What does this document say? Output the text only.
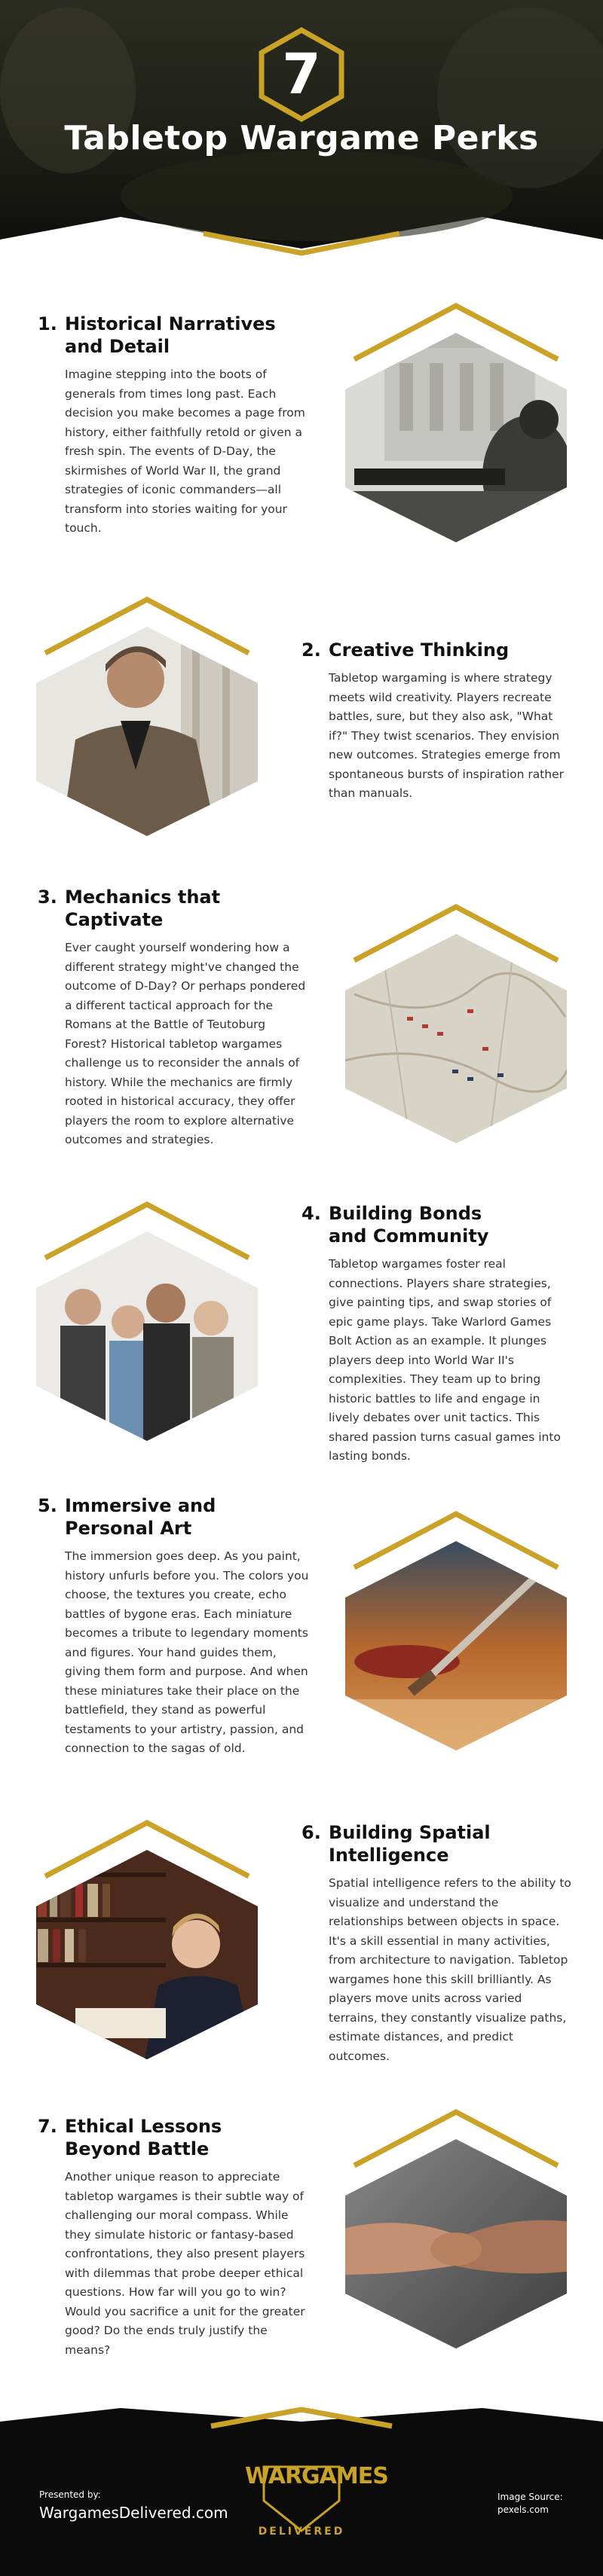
7
Tabletop Wargame Perks
1. Historical Narratives and Detail

Imagine stepping into the boots of generals from times long past. Each decision you make becomes a page from history, either faithfully retold or given a fresh spin. The events of D-Day, the skirmishes of World War II, the grand strategies of iconic commanders—all transform into stories waiting for your touch.

2. Creative Thinking

Tabletop wargaming is where strategy meets wild creativity. Players recreate battles, sure, but they also ask, "What if?" They twist scenarios. They envision new outcomes. Strategies emerge from spontaneous bursts of inspiration rather than manuals.

3. Mechanics that Captivate

Ever caught yourself wondering how a different strategy might've changed the outcome of D-Day? Or perhaps pondered a different tactical approach for the Romans at the Battle of Teutoburg Forest? Historical tabletop wargames challenge us to reconsider the annals of history. While the mechanics are firmly rooted in historical accuracy, they offer players the room to explore alternative outcomes and strategies.

4. Building Bonds and Community

Tabletop wargames foster real connections. Players share strategies, give painting tips, and swap stories of epic game plays. Take Warlord Games Bolt Action as an example. It plunges players deep into World War II's complexities. They team up to bring historic battles to life and engage in lively debates over unit tactics. This shared passion turns casual games into lasting bonds.

5. Immersive and Personal Art

The immersion goes deep. As you paint, history unfurls before you. The colors you choose, the textures you create, echo battles of bygone eras. Each miniature becomes a tribute to legendary moments and figures. Your hand guides them, giving them form and purpose. And when these miniatures take their place on the battlefield, they stand as powerful testaments to your artistry, passion, and connection to the sagas of old.

6. Building Spatial Intelligence

Spatial intelligence refers to the ability to visualize and understand the relationships between objects in space. It's a skill essential in many activities, from architecture to navigation. Tabletop wargames hone this skill brilliantly. As players move units across varied terrains, they constantly visualize paths, estimate distances, and predict outcomes.

7. Ethical Lessons Beyond Battle

Another unique reason to appreciate tabletop wargames is their subtle way of challenging our moral compass. While they simulate historic or fantasy-based confrontations, they also present players with dilemmas that probe deeper ethical questions. How far will you go to win? Would you sacrifice a unit for the greater good? Do the ends truly justify the means?

Presented by:
WargamesDelivered.com
WARGAMES
DELIVERED
Image Source:
pexels.com
